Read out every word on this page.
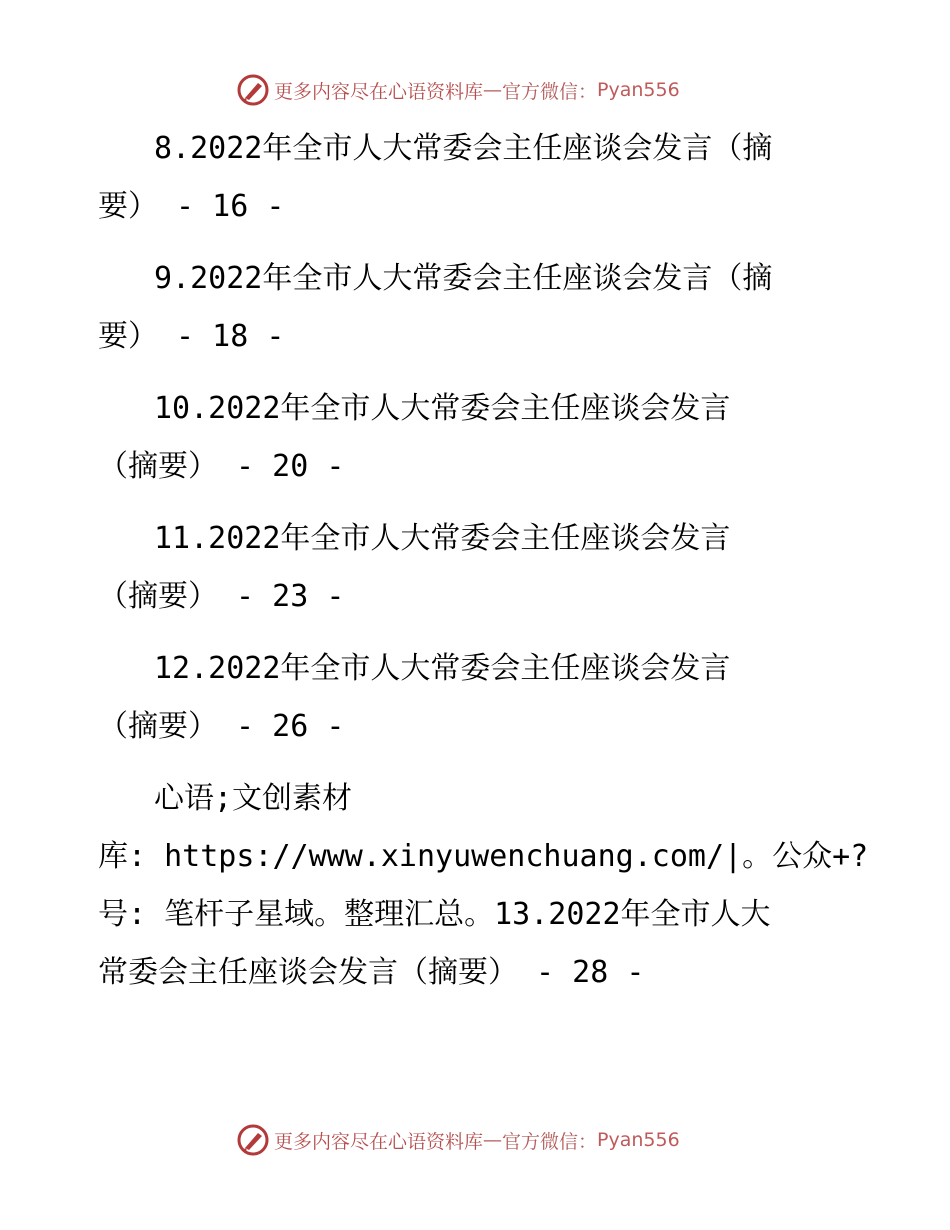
更多内容尽在心语资料库 — 官方微信： Pyan556
8.2022年全市人大常委会主任座谈会发言（摘
要） - 16 -
9.2022年全市人大常委会主任座谈会发言（摘
要） - 18 -
10.2022年全市人大常委会主任座谈会发言
（摘要） - 20 -
11.2022年全市人大常委会主任座谈会发言
（摘要） - 23 -
12.2022年全市人大常委会主任座谈会发言
（摘要） - 26 -
心语;文创素材
库: https://www.xinyuwenchuang.com/|。公众+?
号: 笔杆子星域。整理汇总。13.2022年全市人大
常委会主任座谈会发言（摘要） - 28 -
更多内容尽在心语资料库 — 官方微信： Pyan556
